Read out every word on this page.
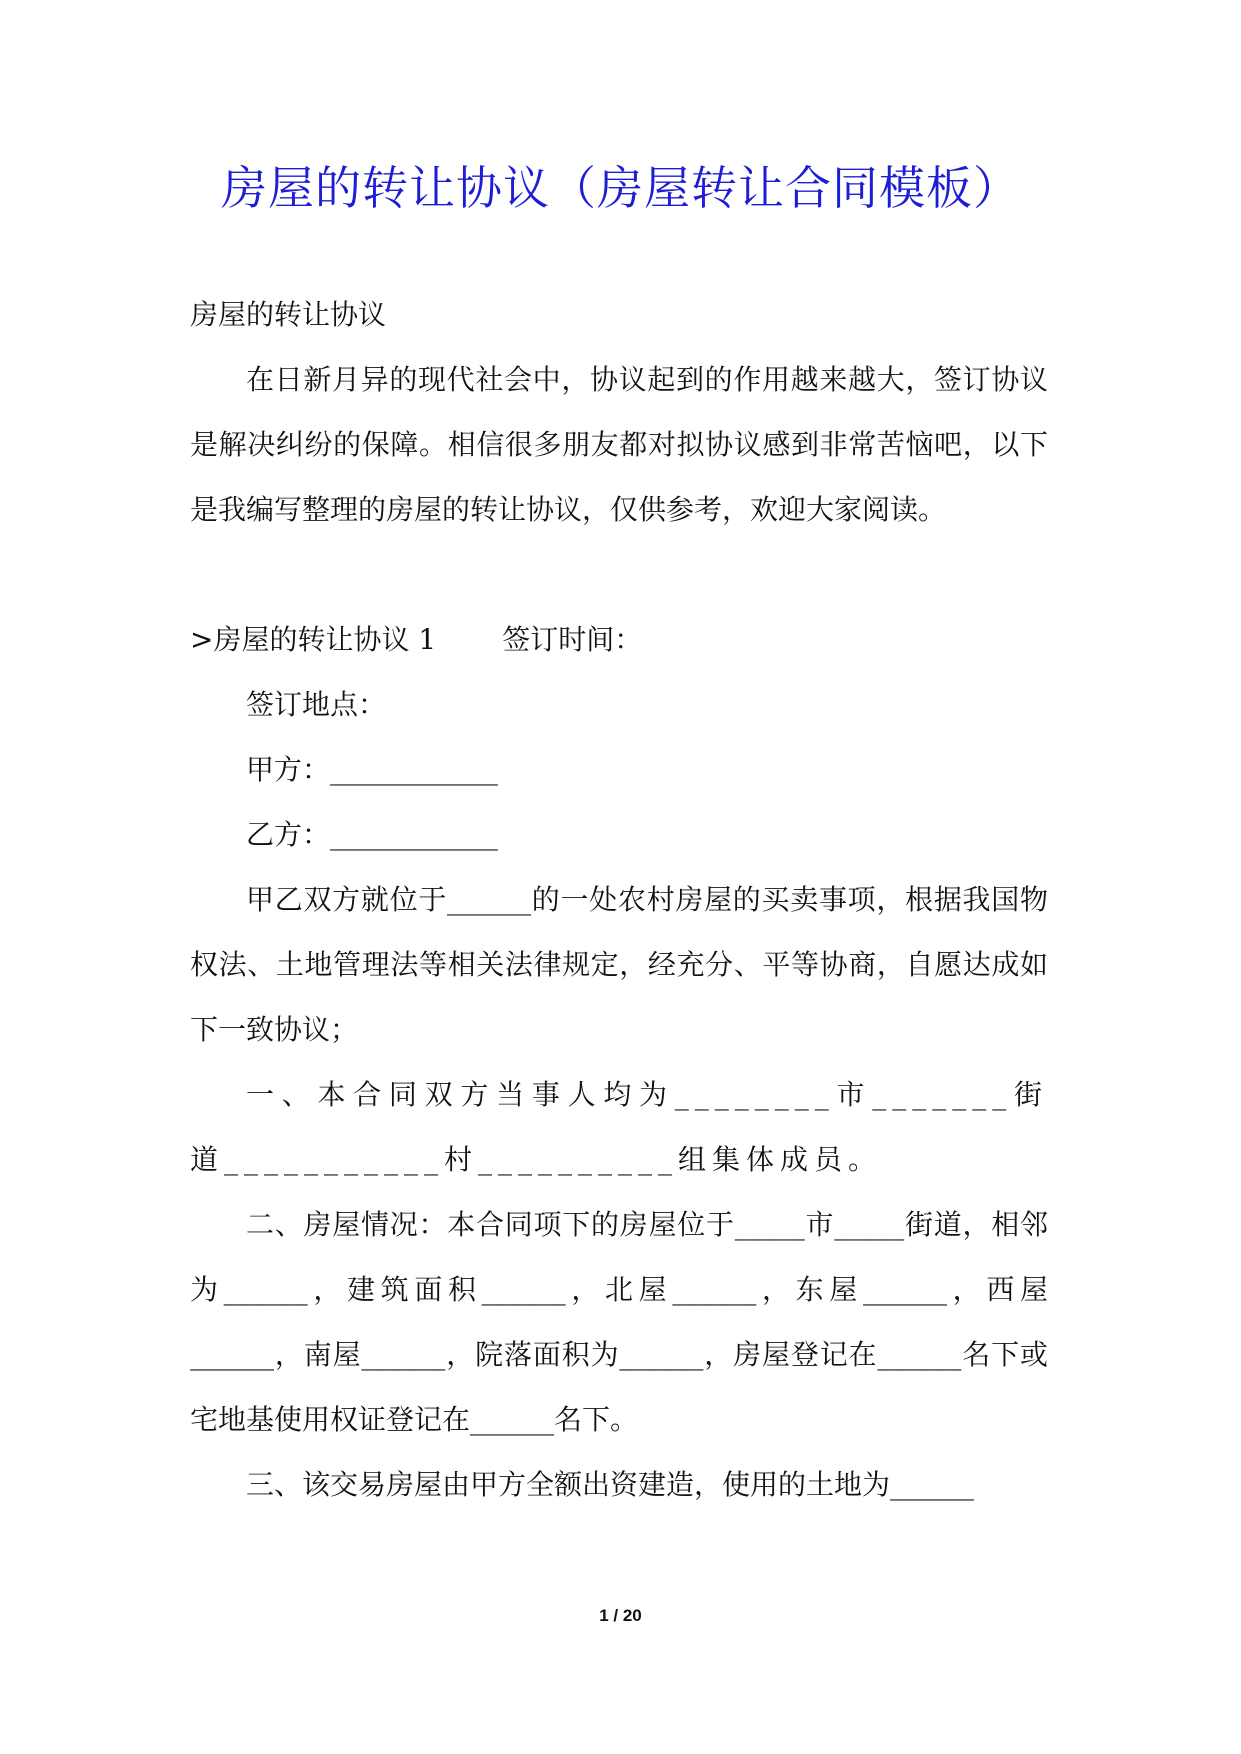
房屋的转让协议（房屋转让合同模板）

房屋的转让协议

在日新月异的现代社会中，协议起到的作用越来越大，签订协议是解决纠纷的保障。相信很多朋友都对拟协议感到非常苦恼吧，以下是我编写整理的房屋的转让协议，仅供参考，欢迎大家阅读。

>房屋的转让协议 1 签订时间：

签订地点：

甲方：____________

乙方：____________

甲乙双方就位于______的一处农村房屋的买卖事项，根据我国物权法、土地管理法等相关法律规定，经充分、平等协商，自愿达成如下一致协议；

一、本合同双方当事人均为________市_______街道___________村__________组集体成员。

二、房屋情况：本合同项下的房屋位于_____市_____街道，相邻为______，建筑面积______，北屋______，东屋______，西屋______，南屋______，院落面积为______，房屋登记在______名下或宅地基使用权证登记在______名下。

三、该交易房屋由甲方全额出资建造，使用的土地为______

1 / 20
